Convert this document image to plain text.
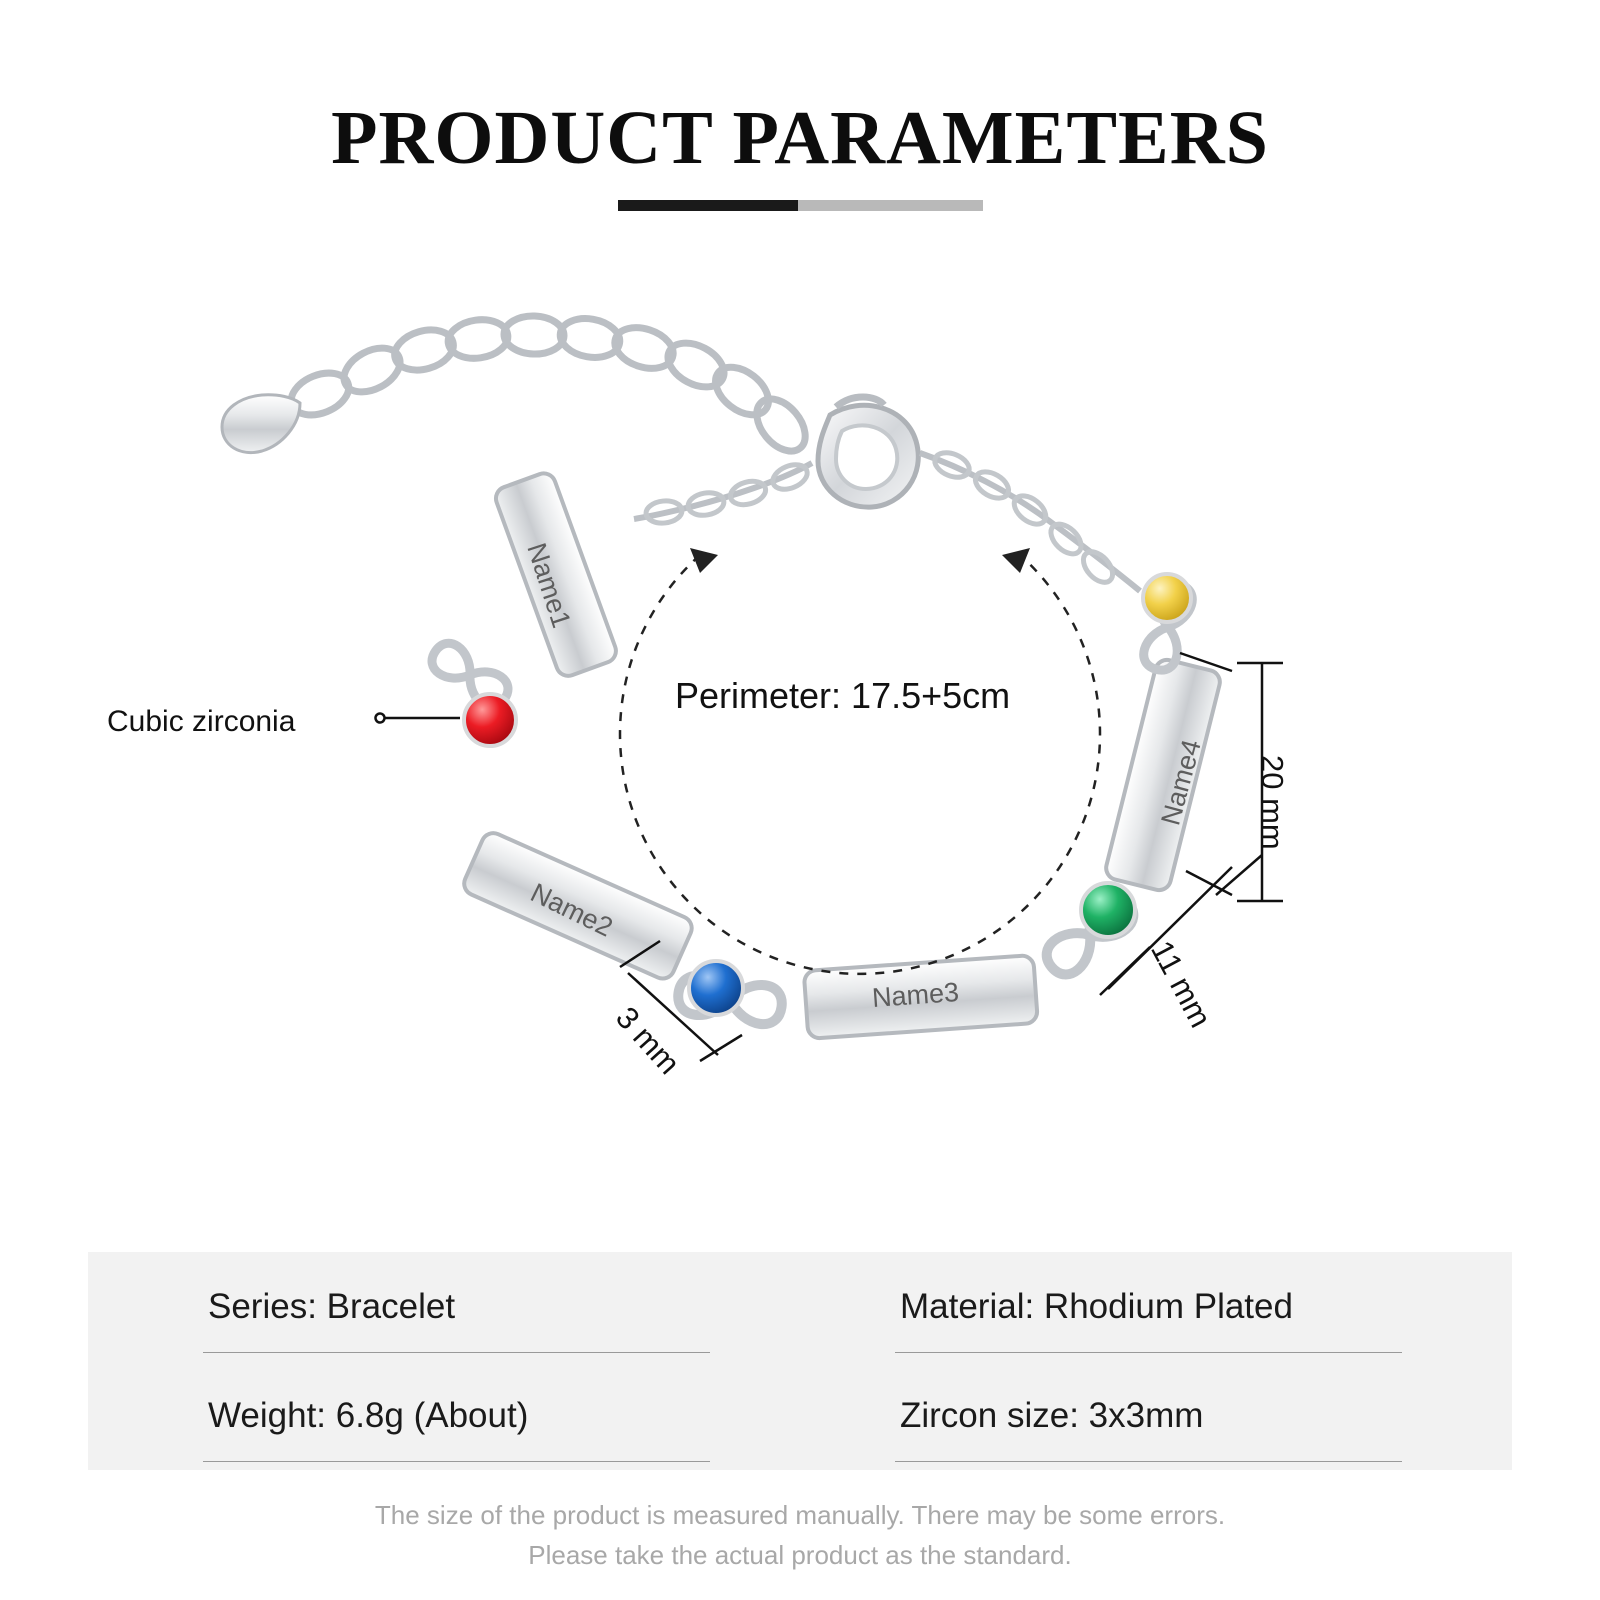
PRODUCT PARAMETERS
Cubic zirconia
Perimeter: 17.5+5cm
20 mm
11 mm
3 mm
Name1
Name2
Name3
Name4
Series: Bracelet	Material: Rhodium Plated
Weight: 6.8g (About)	Zircon size: 3x3mm
The size of the product is measured manually. There may be some errors.
Please take the actual product as the standard.
